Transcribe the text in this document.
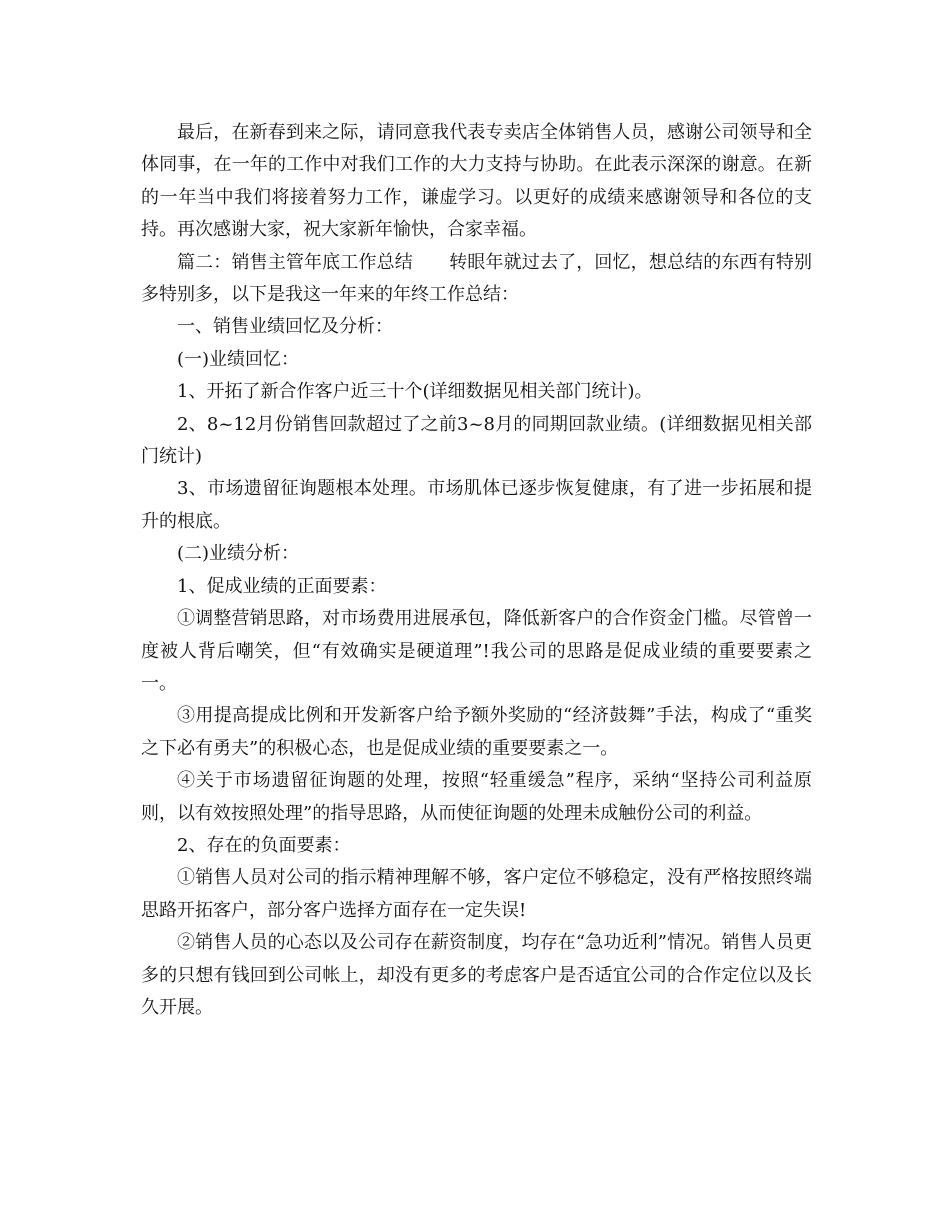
最后，在新春到来之际，请同意我代表专卖店全体销售人员，感谢公司领导和全体同事，在一年的工作中对我们工作的大力支持与协助。在此表示深深的谢意。在新的一年当中我们将接着努力工作，谦虚学习。以更好的成绩来感谢领导和各位的支持。再次感谢大家，祝大家新年愉快，合家幸福。

篇二：销售主管年底工作总结　　转眼年就过去了，回忆，想总结的东西有特别多特别多，以下是我这一年来的年终工作总结：

一、销售业绩回忆及分析：

(一)业绩回忆：

1、开拓了新合作客户近三十个(详细数据见相关部门统计)。

2、8~12月份销售回款超过了之前3~8月的同期回款业绩。(详细数据见相关部门统计)

3、市场遗留征询题根本处理。市场肌体已逐步恢复健康，有了进一步拓展和提升的根底。

(二)业绩分析：

1、促成业绩的正面要素：

①调整营销思路，对市场费用进展承包，降低新客户的合作资金门槛。尽管曾一度被人背后嘲笑，但“有效确实是硬道理”!我公司的思路是促成业绩的重要要素之一。

③用提高提成比例和开发新客户给予额外奖励的“经济鼓舞”手法，构成了“重奖之下必有勇夫”的积极心态，也是促成业绩的重要要素之一。

④关于市场遗留征询题的处理，按照“轻重缓急”程序，采纳“坚持公司利益原则，以有效按照处理”的指导思路，从而使征询题的处理未成触份公司的利益。

2、存在的负面要素：

①销售人员对公司的指示精神理解不够，客户定位不够稳定，没有严格按照终端思路开拓客户，部分客户选择方面存在一定失误!

②销售人员的心态以及公司存在薪资制度，均存在“急功近利”情况。销售人员更多的只想有钱回到公司帐上，却没有更多的考虑客户是否适宜公司的合作定位以及长久开展。
